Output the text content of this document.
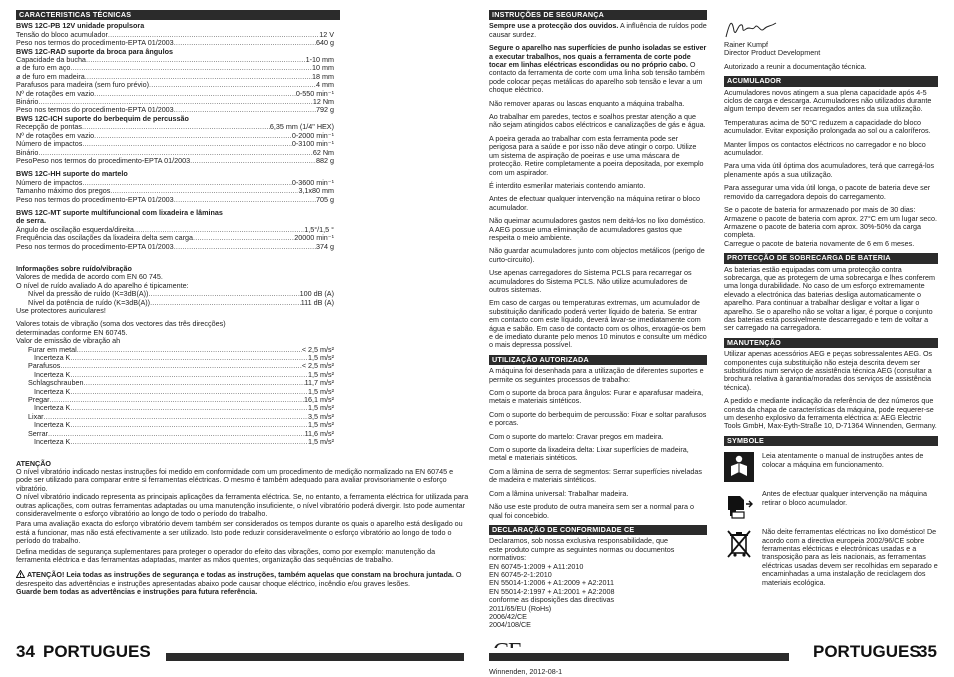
CARACTERISTICAS TÉCNICAS
BWS 12C-PB 12V unidade propulsora
Tensão do bloco acumulador .....	12 V
Peso nos termos do procedimento-EPTA 01/2003 .....	640 g
BWS 12C-RAD suporte da broca para ângulos
Capacidade da bucha .....	1-10 mm
ø de furo em aço .....	10 mm
ø de furo em madeira .....	18 mm
Parafusos para madeira (sem furo prévio) .....	4 mm
Nº de rotações em vazio .....	0-550 min⁻¹
Binário .....	12 Nm
Peso nos termos do procedimento-EPTA 01/2003 .....	792 g
BWS 12C-ICH suporte do berbequim de percussão
Recepção de pontas .....	6,35 mm (1/4" HEX)
Nº de rotações em vazio .....	0-2000 min⁻¹
Número de impactos .....	0-3100 min⁻¹
Binário .....	62 Nm
PesoPeso nos termos do procedimento-EPTA 01/2003 .....	882 g
BWS 12C-HH suporte do martelo
Número de impactos .....	0-3600 min⁻¹
Tamanho máximo dos pregos .....	3,1x80 mm
Peso nos termos do procedimento-EPTA 01/2003 .....	705 g
BWS 12C-MT suporte multifuncional com lixadeira e lâminas de serra.
Ângulo de oscilação esquerda/direita .....	1,5°/1,5 °
Frequência das oscilações da lixadeira delta sem carga .....	20000 min⁻¹
Peso nos termos do procedimento-EPTA 01/2003 .....	374 g
Informações sobre ruído/vibração
Valores de medida de acordo com EN 60 745.
O nível de ruído avaliado A do aparelho é tipicamente:
Nível da pressão de ruído (K=3dB(A)) .....	100 dB (A)
Nível da potência de ruído (K=3dB(A)) .....	111 dB (A)
Use protectores auriculares!
Valores totais de vibração (soma dos vectores das três direcções) determinadas conforme EN 60745.
Valor de emissão de vibração ah
Furar em metal .....	< 2,5 m/s²
Incerteza K .....	1,5 m/s²
Parafusos .....	< 2,5 m/s²
Incerteza K .....	1,5 m/s²
Schlagschrauben .....	11,7 m/s²
Incerteza K .....	1,5 m/s²
Pregar .....	16,1 m/s²
Incerteza K .....	1,5 m/s²
Lixar .....	3,5 m/s²
Incerteza K .....	1,5 m/s²
Serrar .....	11,6 m/s²
Incerteza K .....	1,5 m/s²
ATENÇÃO
O nível vibratório indicado nestas instruções foi medido em conformidade com um procedimento de medição normalizado na EN 60745 e pode ser utilizado para comparar entre si ferramentas eléctricas. O mesmo é também adequado para avaliar provisoriamente o esforço vibratório.
O nível vibratório indicado representa as principais aplicações da ferramenta eléctrica. Se, no entanto, a ferramenta eléctrica for utilizada para outras aplicações, com outras ferramentas adaptadas ou uma manutenção insuficiente, o nível vibratório poderá divergir. Isto pode aumentar consideravelmente o esforço vibratório ao longo de todo o período do trabalho.
Para uma avaliação exacta do esforço vibratório devem também ser considerados os tempos durante os quais o aparelho está desligado ou está a funcionar, mas não está efectivamente a ser utilizado. Isto pode reduzir consideravelmente o esforço vibratório ao longo de todo o período do trabalho.
Defina medidas de segurança suplementares para proteger o operador do efeito das vibrações, como por exemplo: manutenção da ferramenta eléctrica e das ferramentas adaptadas, manter as mãos quentes, organização das sequências de trabalho.
ATENÇÃO! Leia todas as instruções de segurança e todas as instruções, também aquelas que constam na brochura juntada. O desrespeito das advertências e instruções apresentadas abaixo pode causar choque eléctrico, incêndio e/ou graves lesões.
Guarde bem todas as advertências e instruções para futura referência.
34 PORTUGUES
INSTRUÇÕES DE SEGURANÇA
Sempre use a protecção dos ouvidos. A influência de ruídos pode causar surdez.
Segure o aparelho nas superfícies de punho isoladas se estiver a executar trabalhos, nos quais a ferramenta de corte pode tocar em linhas eléctricas escondidas ou no próprio cabo. O contacto da ferramenta de corte com uma linha sob tensão também pode colocar peças metálicas do aparelho sob tensão e levar a um choque eléctrico.
Não remover aparas ou lascas enquanto a máquina trabalha.
Ao trabalhar em paredes, tectos e soalhos prestar atenção a que não sejam atingidos cabos eléctricos e canalizações de gás e água.
A poeira gerada ao trabalhar com esta ferramenta pode ser perigosa para a saúde e por isso não deve atingir o corpo. Utilize um sistema de aspiração de poeiras e use uma máscara de protecção. Retire completamente a poeira depositada, por exemplo com um aspirador.
É interdito esmerilar materiais contendo amianto.
Antes de efectuar qualquer intervenção na máquina retirar o bloco acumulador.
Não queimar acumuladores gastos nem deitá-los no lixo doméstico. A AEG possue uma eliminação de acumuladores gastos que respeita o meio ambiente.
Não guardar acumuladores junto com objectos metálicos (perigo de curto-circuito).
Use apenas carregadores do Sistema PCLS para recarregar os acumuladores do Sistema PCLS. Não utilize acumuladores de outros sistemas.
Em caso de cargas ou temperaturas extremas, um acumulador de substituição danificado poderá verter líquido de bateria. Se entrar em contacto com este líquido, deverá lavar-se imediatamente com água e sabão. Em caso de contacto com os olhos, enxagúe-os bem e de imediato durante pelo menos 10 minutos e consulte um médico o mais depressa possível.
UTILIZAÇÃO AUTORIZADA
A máquina foi desenhada para a utilização de diferentes suportes e permite os seguintes processos de trabalho:
Com o suporte da broca para ângulos: Furar e aparafusar madeira, metais e materiais sintéticos.
Com o suporte do berbequim de percussão: Fixar e soltar parafusos e porcas.
Com o suporte do martelo: Cravar pregos em madeira.
Com o suporte da lixadeira delta: Lixar superfícies de madeira, metal e materiais sintéticos.
Com a lâmina de serra de segmentos: Serrar superfícies niveladas de madeira e materiais sintéticos.
Com a lâmina universal: Trabalhar madeira.
Não use este produto de outra maneira sem ser a normal para o qual foi concebido.
DECLARAÇÃO DE CONFORMIDADE CE
Declaramos, sob nossa exclusiva responsabilidade, que
este produto cumpre as seguintes normas ou documentos
normativos:
EN 60745-1:2009 + A11:2010
EN 60745-2-1:2010
EN 55014-1:2006 + A1:2009 + A2:2011
EN 55014-2:1997 + A1:2001 + A2:2008
conforme as disposições das directivas
2011/65/EU (RoHs)
2006/42/CE
2004/108/CE
Winnenden, 2012-08-1
Rainer Kumpf
Director Product Development
Autorizado a reunir a documentação técnica.
ACUMULADOR
Acumuladores novos atingem a sua plena capacidade após 4-5 ciclos de carga e descarga. Acumuladores não utilizados durante algum tempo devem ser recarregados antes da sua utilização.
Temperaturas acima de 50°C reduzem a capacidade do bloco acumulador. Evitar exposição prolongada ao sol ou a caloríferos.
Manter limpos os contactos eléctricos no carregador e no bloco acumulador.
Para uma vida útil óptima dos acumuladores, terá que carregá-los plenamente após a sua utilização.
Para assegurar uma vida útil longa, o pacote de bateria deve ser removido da carregadora depois do carregamento.
Se o pacote de bateria for armazenado por mais de 30 dias:
Armazene o pacote de bateria com aprox. 27°C em um lugar seco.
Armazene o pacote de bateria com aprox. 30%-50% da carga completa.
Carregue o pacote de bateria novamente de 6 em 6 meses.
PROTECÇÃO DE SOBRECARGA DE BATERIA
As baterias estão equipadas com uma protecção contra sobrecarga, que as protegem de uma sobrecarga e lhes conferem uma longa durabilidade. No caso de um esforço extremamente elevado a electrónica das baterias desliga automaticamente o aparelho. Para continuar a trabalhar desligar e voltar a ligar o aparelho. Se o aparelho não se voltar a ligar, é porque o conjunto das baterias está possivelmente descarregado e tem de voltar a ser carregado na carregadora.
MANUTENÇÃO
Utilizar apenas acessórios AEG e peças sobressalentes AEG. Os componentes cuja substituição não esteja descrita devem ser substituídos num serviço de assistência técnica AEG (consultar a brochura relativa à garantia/moradas dos serviços de assistência técnica).
A pedido e mediante indicação da referência de dez números que consta da chapa de características da máquina, pode requerer-se um desenho explosivo da ferramenta eléctrica a: AEG Electric Tools GmbH, Max-Eyth-Straße 10, D-71364 Winnenden, Germany.
SYMBOLE
Leia atentamente o manual de instruções antes de colocar a máquina em funcionamento.
Antes de efectuar qualquer intervenção na máquina retirar o bloco acumulador.
Não deite ferramentas eléctricas no lixo doméstico! De acordo com a directiva europeia 2002/96/CE sobre ferramentas eléctricas e electrónicas usadas e a transposição para as leis nacionais, as ferramentas eléctricas usadas devem ser recolhidas em separado e encaminhadas a uma instalação de reciclagem dos materiais ecológica.
PORTUGUES
35
